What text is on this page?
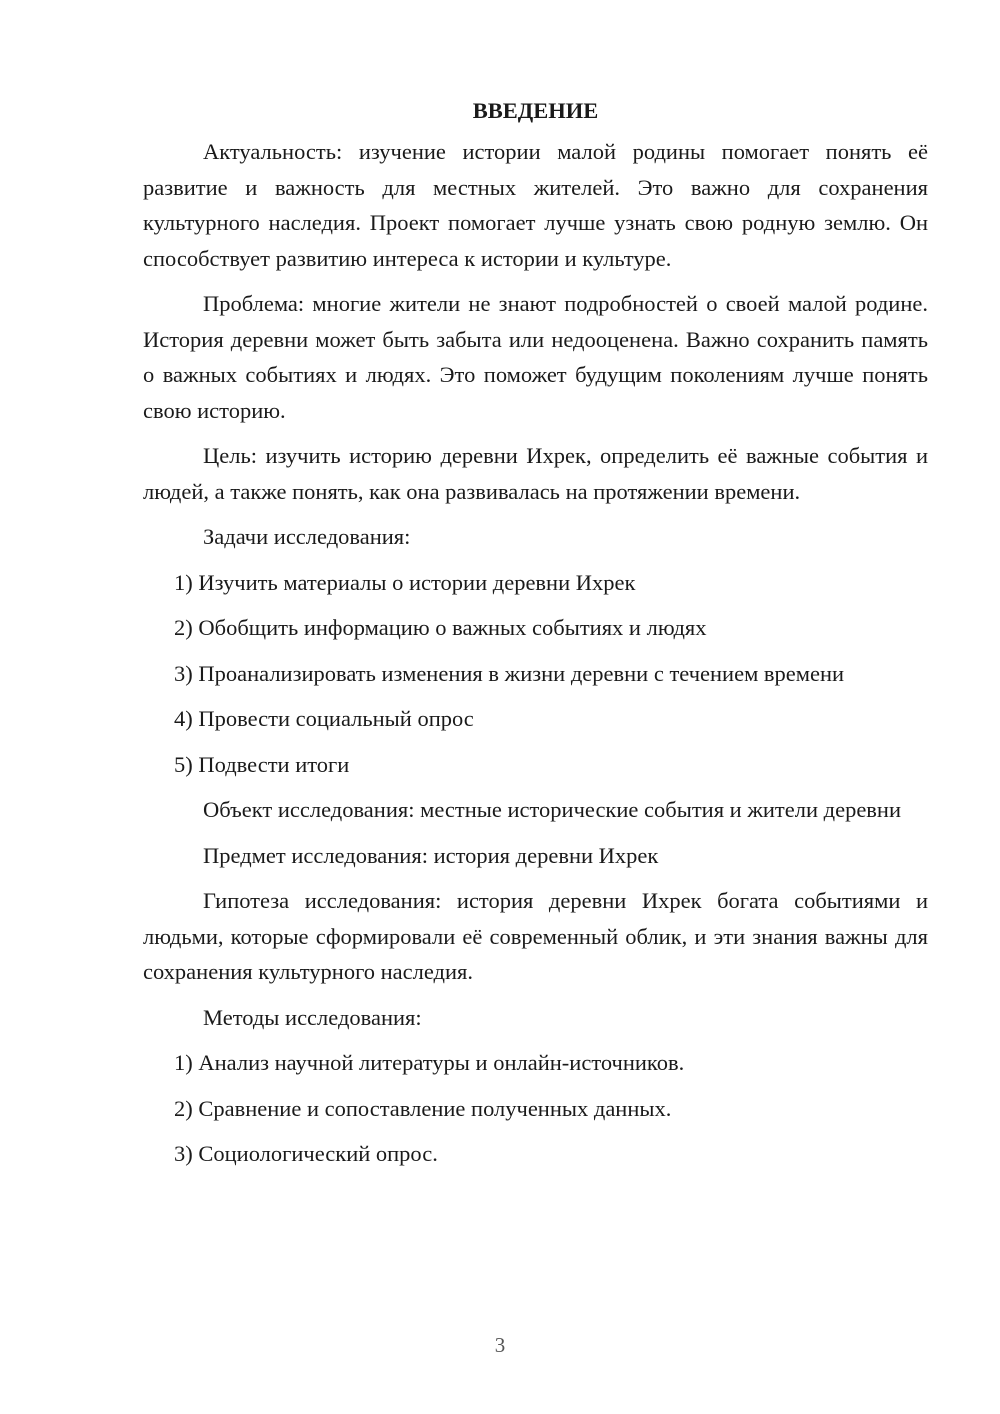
ВВЕДЕНИЕ

Актуальность: изучение истории малой родины помогает понять её развитие и важность для местных жителей. Это важно для сохранения культурного наследия. Проект помогает лучше узнать свою родную землю. Он способствует развитию интереса к истории и культуре.

Проблема: многие жители не знают подробностей о своей малой родине. История деревни может быть забыта или недооценена. Важно сохранить память о важных событиях и людях. Это поможет будущим поколениям лучше понять свою историю.

Цель: изучить историю деревни Ихрек, определить её важные события и людей, а также понять, как она развивалась на протяжении времени.

Задачи исследования:

1) Изучить материалы о истории деревни Ихрек
2) Обобщить информацию о важных событиях и людях
3) Проанализировать изменения в жизни деревни с течением времени
4) Провести социальный опрос
5) Подвести итоги

Объект исследования: местные исторические события и жители деревни

Предмет исследования: история деревни Ихрек

Гипотеза исследования: история деревни Ихрек богата событиями и людьми, которые сформировали её современный облик, и эти знания важны для сохранения культурного наследия.

Методы исследования:

1) Анализ научной литературы и онлайн-источников.
2) Сравнение и сопоставление полученных данных.
3) Социологический опрос.
3
